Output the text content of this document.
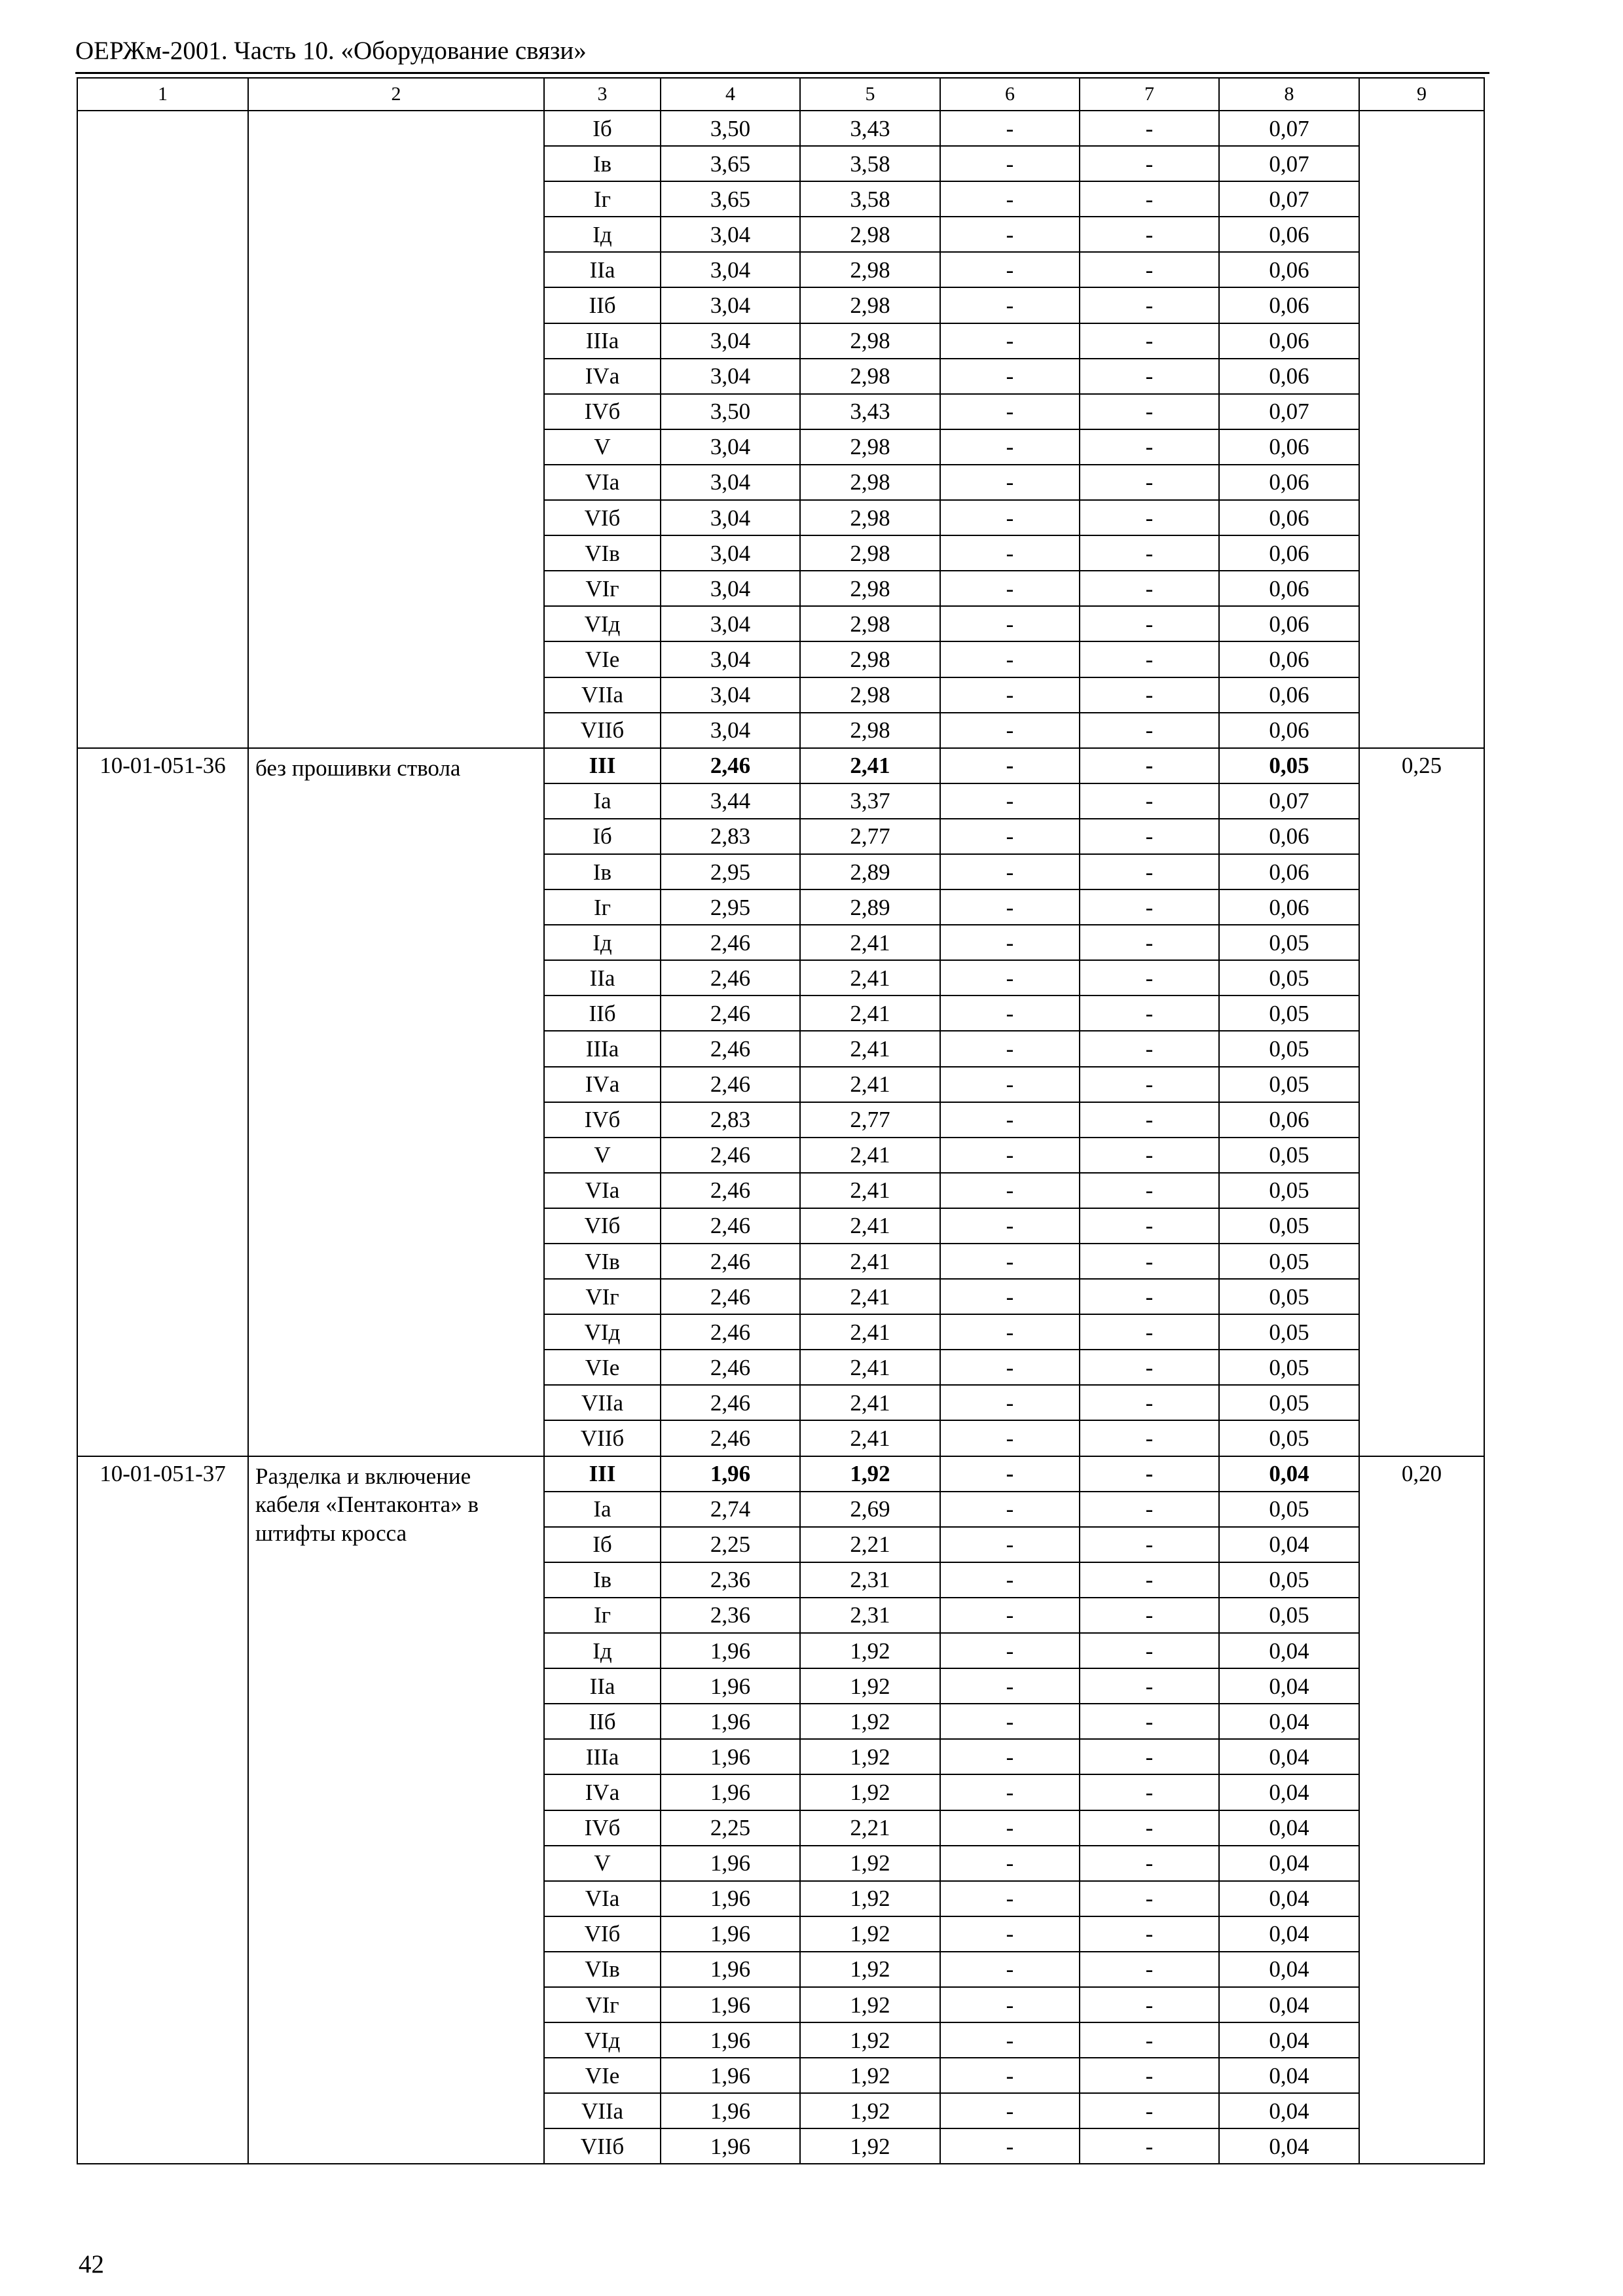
ОЕРЖм-2001. Часть 10. «Оборудование связи»
1	2	3	4	5	6	7	8	9
		Iб	3,50	3,43	-	-	0,07	
		Iв	3,65	3,58	-	-	0,07	
		Iг	3,65	3,58	-	-	0,07	
		Iд	3,04	2,98	-	-	0,06	
		IIа	3,04	2,98	-	-	0,06	
		IIб	3,04	2,98	-	-	0,06	
		IIIа	3,04	2,98	-	-	0,06	
		IVа	3,04	2,98	-	-	0,06	
		IVб	3,50	3,43	-	-	0,07	
		V	3,04	2,98	-	-	0,06	
		VIа	3,04	2,98	-	-	0,06	
		VIб	3,04	2,98	-	-	0,06	
		VIв	3,04	2,98	-	-	0,06	
		VIг	3,04	2,98	-	-	0,06	
		VIд	3,04	2,98	-	-	0,06	
		VIе	3,04	2,98	-	-	0,06	
		VIIа	3,04	2,98	-	-	0,06	
		VIIб	3,04	2,98	-	-	0,06	
10-01-051-36	без прошивки ствола	III	2,46	2,41	-	-	0,05	0,25
		Iа	3,44	3,37	-	-	0,07	
		Iб	2,83	2,77	-	-	0,06	
		Iв	2,95	2,89	-	-	0,06	
		Iг	2,95	2,89	-	-	0,06	
		Iд	2,46	2,41	-	-	0,05	
		IIа	2,46	2,41	-	-	0,05	
		IIб	2,46	2,41	-	-	0,05	
		IIIа	2,46	2,41	-	-	0,05	
		IVа	2,46	2,41	-	-	0,05	
		IVб	2,83	2,77	-	-	0,06	
		V	2,46	2,41	-	-	0,05	
		VIа	2,46	2,41	-	-	0,05	
		VIб	2,46	2,41	-	-	0,05	
		VIв	2,46	2,41	-	-	0,05	
		VIг	2,46	2,41	-	-	0,05	
		VIд	2,46	2,41	-	-	0,05	
		VIе	2,46	2,41	-	-	0,05	
		VIIа	2,46	2,41	-	-	0,05	
		VIIб	2,46	2,41	-	-	0,05	
10-01-051-37	Разделка и включение кабеля «Пентаконта» в штифты кросса	III	1,96	1,92	-	-	0,04	0,20
		Iа	2,74	2,69	-	-	0,05	
		Iб	2,25	2,21	-	-	0,04	
		Iв	2,36	2,31	-	-	0,05	
		Iг	2,36	2,31	-	-	0,05	
		Iд	1,96	1,92	-	-	0,04	
		IIа	1,96	1,92	-	-	0,04	
		IIб	1,96	1,92	-	-	0,04	
		IIIа	1,96	1,92	-	-	0,04	
		IVа	1,96	1,92	-	-	0,04	
		IVб	2,25	2,21	-	-	0,04	
		V	1,96	1,92	-	-	0,04	
		VIа	1,96	1,92	-	-	0,04	
		VIб	1,96	1,92	-	-	0,04	
		VIв	1,96	1,92	-	-	0,04	
		VIг	1,96	1,92	-	-	0,04	
		VIд	1,96	1,92	-	-	0,04	
		VIе	1,96	1,92	-	-	0,04	
		VIIа	1,96	1,92	-	-	0,04	
		VIIб	1,96	1,92	-	-	0,04	
42
